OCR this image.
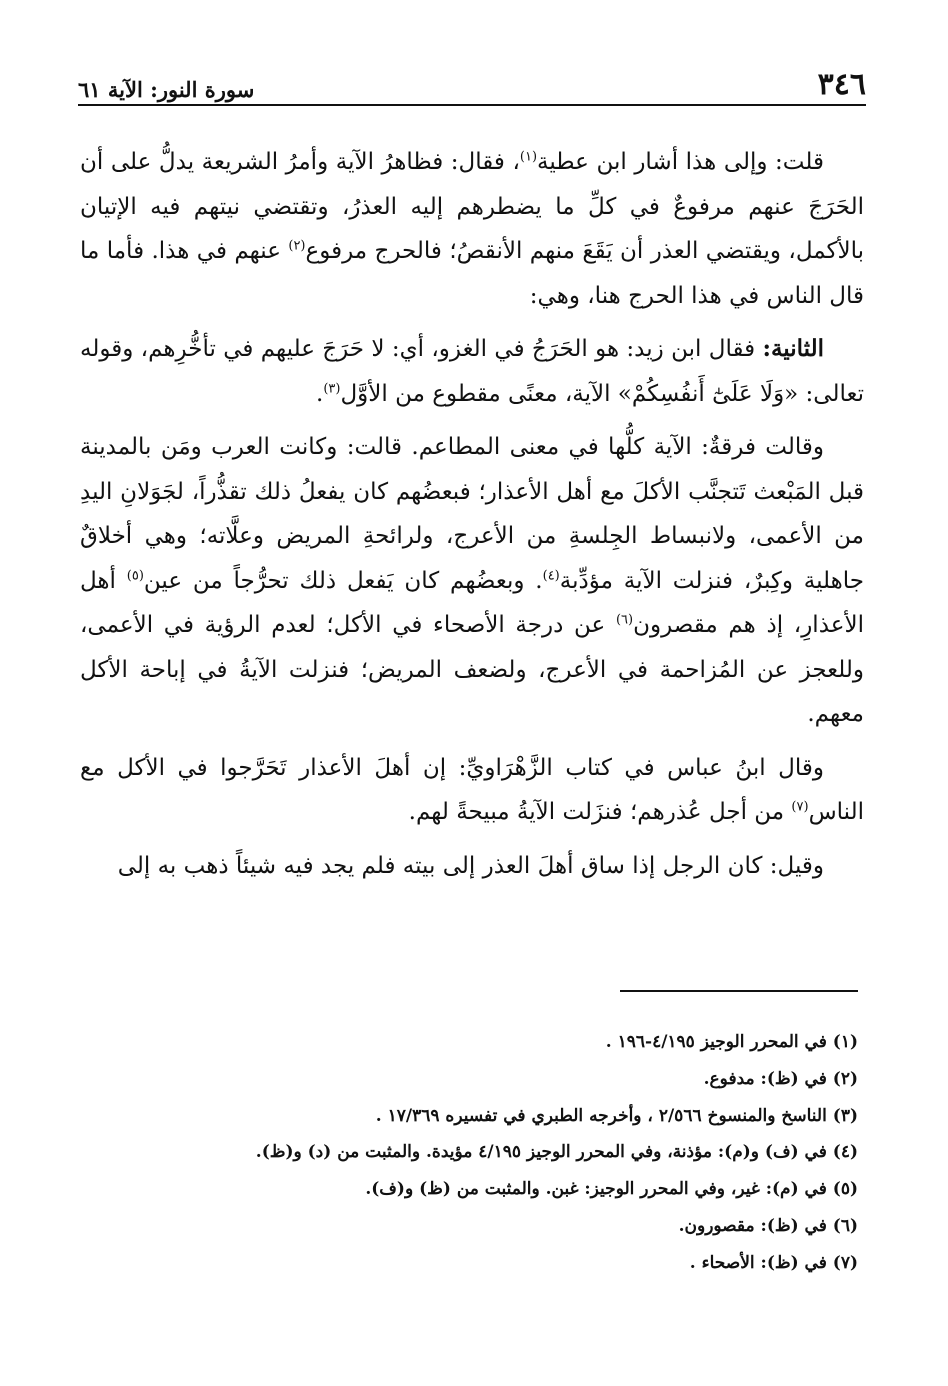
٣٤٦
سورة النور: الآية ٦١

قلت: وإلى هذا أشار ابن عطية$^{(١)}$، فقال: فظاهرُ الآية وأمرُ الشريعة يدلُّ على أن الحَرَجَ عنهم مرفوعٌ في كلِّ ما يضطرهم إليه العذرُ، وتقتضي نيتهم فيه الإتيان بالأكمل، ويقتضي العذر أن يَقَعَ منهم الأنقصُ؛ فالحرج مرفوع$^{(٢)}$ عنهم في هذا. فأما ما قال الناس في هذا الحرج هنا، وهي:

الثانية: فقال ابن زيد: هو الحَرَجُ في الغزو، أي: لا حَرَجَ عليهم في تأخُّرِهم، وقوله تعالى: «وَلَا عَلَىٰٓ أَنفُسِكُمْ» الآية، معنًى مقطوع من الأوَّل$^{(٣)}$.

وقالت فرقةٌ: الآية كلُّها في معنى المطاعم. قالت: وكانت العرب ومَن بالمدينة قبل المَبْعث تَتجنَّب الأكلَ مع أهل الأعذار؛ فبعضُهم كان يفعلُ ذلك تقذُّراً، لجَوَلانِ اليدِ من الأعمى، ولانبساط الجِلسةِ من الأعرج، ولرائحةِ المريض وعلَّاته؛ وهي أخلاقٌ جاهلية وكِبرٌ، فنزلت الآية مؤدِّبة$^{(٤)}$. وبعضُهم كان يَفعل ذلك تحرُّجاً من عين$^{(٥)}$ أهل الأعذارِ، إذ هم مقصرون$^{(٦)}$ عن درجة الأصحاء في الأكل؛ لعدم الرؤية في الأعمى، وللعجز عن المُزاحمة في الأعرج، ولضعف المريض؛ فنزلت الآيةُ في إباحة الأكل معهم.

وقال ابنُ عباس في كتاب الزَّهْرَاويِّ: إن أهلَ الأعذار تَحَرَّجوا في الأكل مع الناس$^{(٧)}$ من أجل عُذرهم؛ فنزَلت الآيةُ مبيحةً لهم.

وقيل: كان الرجل إذا ساق أهلَ العذر إلى بيته فلم يجد فيه شيئاً ذهب به إلى

(١) في المحرر الوجيز ٤/١٩٥-١٩٦ .
(٢) في (ظ): مدفوع.
(٣) الناسخ والمنسوخ ٢/٥٦٦ ، وأخرجه الطبري في تفسيره ١٧/٣٦٩ .
(٤) في (ف) و(م): مؤذنة، وفي المحرر الوجيز ٤/١٩٥ مؤيدة. والمثبت من (د) و(ظ).
(٥) في (م): غير، وفي المحرر الوجيز: غبن. والمثبت من (ظ) و(ف).
(٦) في (ظ): مقصورون.
(٧) في (ظ): الأصحاء .
